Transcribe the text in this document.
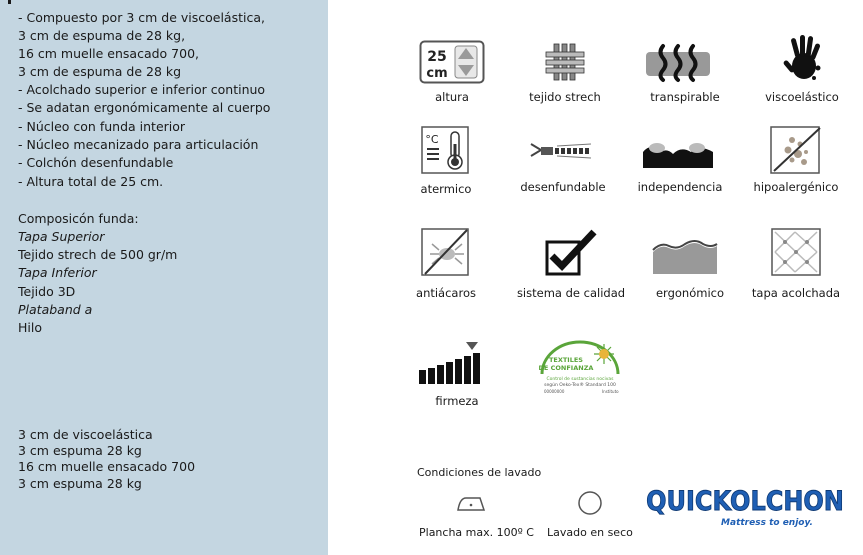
- Compuesto por 3 cm de viscoelástica,
3 cm de espuma de 28 kg,
16 cm muelle ensacado 700,
3 cm de espuma de 28 kg
- Acolchado superior e inferior continuo
- Se adatan ergonómicamente al cuerpo
- Núcleo con funda interior
- Núcleo mecanizado para articulación
- Colchón desenfundable
- Altura total de 25 cm.
Composicón funda:
Tapa Superior
Tejido strech de 500 gr/m
Tapa Inferior
Tejido 3D
Plataband a
Hilo
3 cm de viscoelástica
3 cm espuma 28 kg
16 cm muelle ensacado 700
3 cm espuma 28 kg
25
cm
altura	tejido strech	transpirable	viscoelástico
°C
atermico	desenfundable	independencia	hipoalergénico
antiácaros	sistema de calidad	ergonómico	tapa acolchada
firmeza
TEXTILES
DE CONFIANZA
Control de sustancias nocivas
según Oeko-Tex® Standard 100
00000000	Instituto
Condiciones de lavado
Plancha max. 100º C Lavado en seco
QUICKOLCHON
Mattress to enjoy.
